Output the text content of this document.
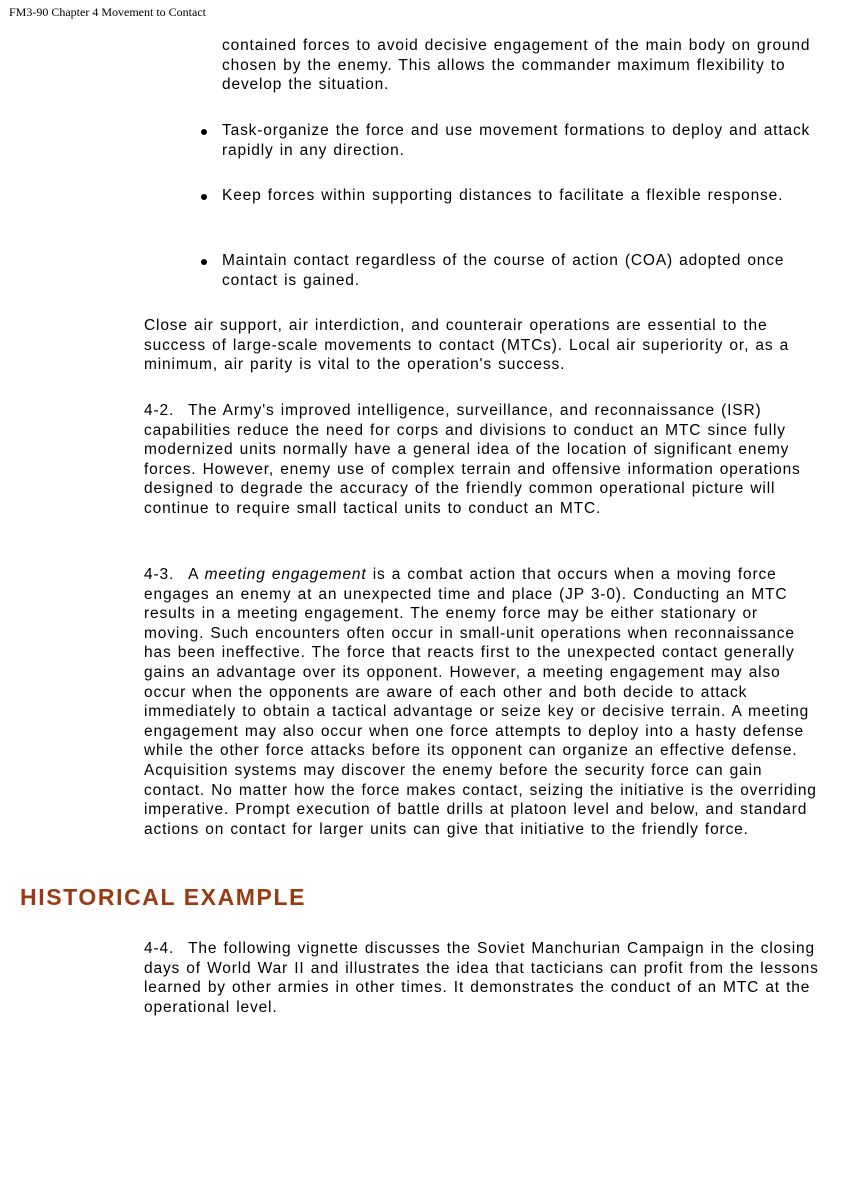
FM3-90 Chapter 4 Movement to Contact

contained forces to avoid decisive engagement of the main body on ground chosen by the enemy. This allows the commander maximum flexibility to develop the situation.

Task-organize the force and use movement formations to deploy and attack rapidly in any direction.
Keep forces within supporting distances to facilitate a flexible response.
Maintain contact regardless of the course of action (COA) adopted once contact is gained.

Close air support, air interdiction, and counterair operations are essential to the success of large-scale movements to contact (MTCs). Local air superiority or, as a minimum, air parity is vital to the operation's success.

4-2. The Army's improved intelligence, surveillance, and reconnaissance (ISR) capabilities reduce the need for corps and divisions to conduct an MTC since fully modernized units normally have a general idea of the location of significant enemy forces. However, enemy use of complex terrain and offensive information operations designed to degrade the accuracy of the friendly common operational picture will continue to require small tactical units to conduct an MTC.

4-3. A meeting engagement is a combat action that occurs when a moving force engages an enemy at an unexpected time and place (JP 3-0). Conducting an MTC results in a meeting engagement. The enemy force may be either stationary or moving. Such encounters often occur in small-unit operations when reconnaissance has been ineffective. The force that reacts first to the unexpected contact generally gains an advantage over its opponent. However, a meeting engagement may also occur when the opponents are aware of each other and both decide to attack immediately to obtain a tactical advantage or seize key or decisive terrain. A meeting engagement may also occur when one force attempts to deploy into a hasty defense while the other force attacks before its opponent can organize an effective defense. Acquisition systems may discover the enemy before the security force can gain contact. No matter how the force makes contact, seizing the initiative is the overriding imperative. Prompt execution of battle drills at platoon level and below, and standard actions on contact for larger units can give that initiative to the friendly force.

HISTORICAL EXAMPLE

4-4. The following vignette discusses the Soviet Manchurian Campaign in the closing days of World War II and illustrates the idea that tacticians can profit from the lessons learned by other armies in other times. It demonstrates the conduct of an MTC at the operational level.
